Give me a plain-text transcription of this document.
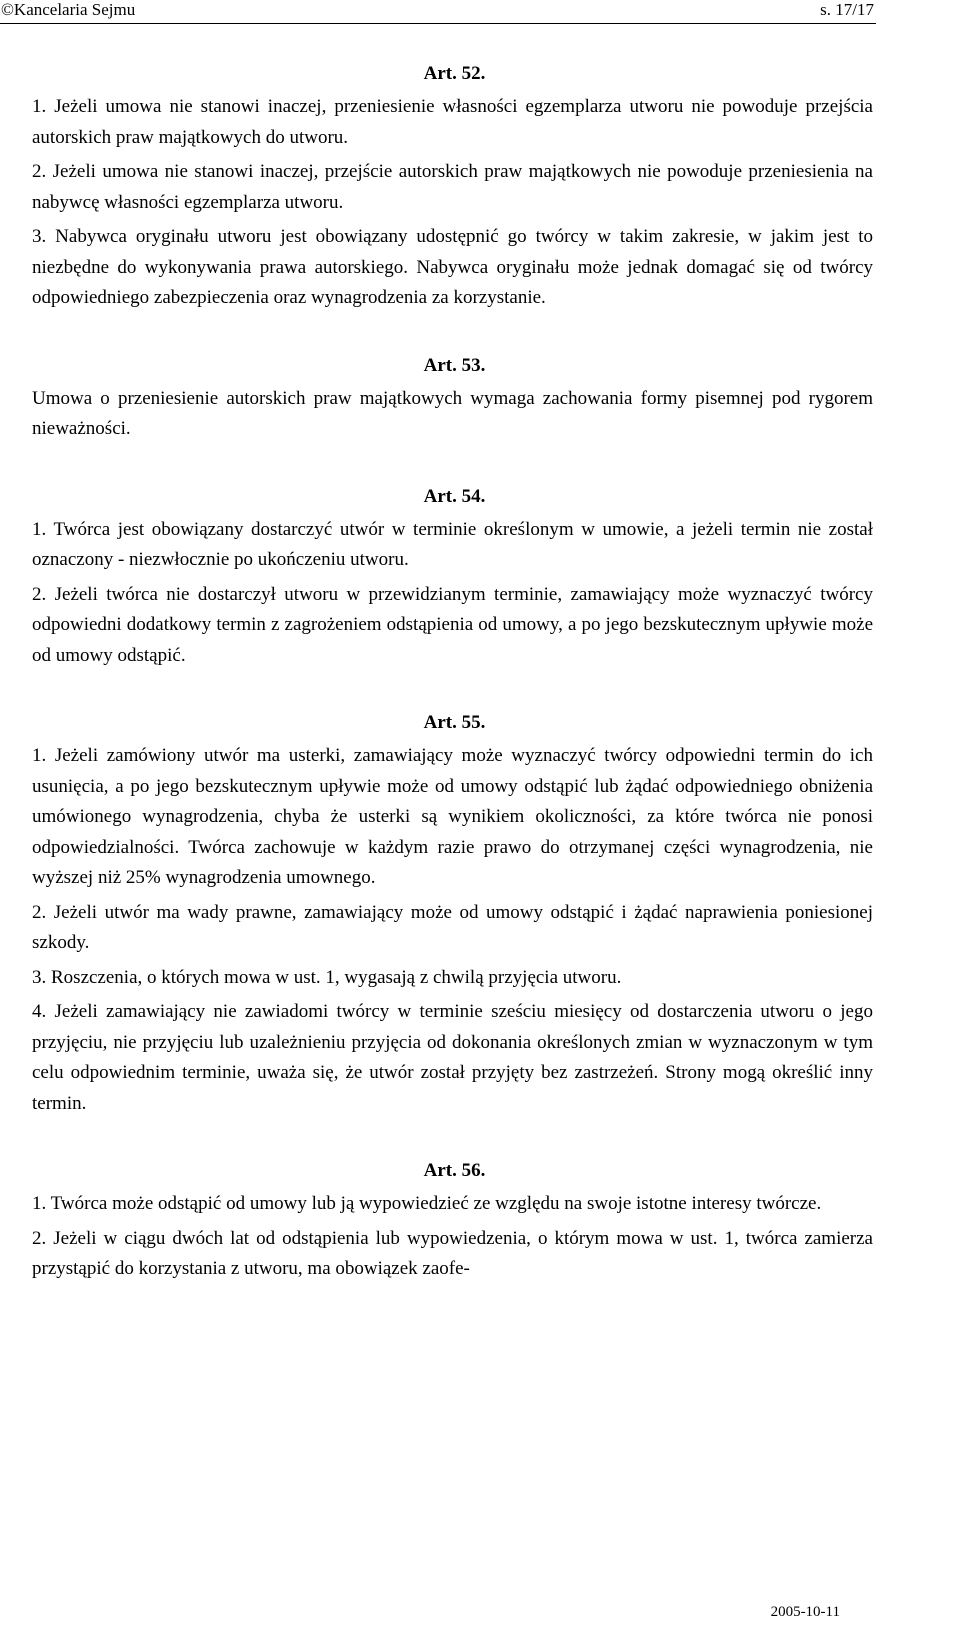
©Kancelaria Sejmu	s. 17/17

Art. 52.

1. Jeżeli umowa nie stanowi inaczej, przeniesienie własności egzemplarza utworu nie powoduje przejścia autorskich praw majątkowych do utworu.

2. Jeżeli umowa nie stanowi inaczej, przejście autorskich praw majątkowych nie powoduje przeniesienia na nabywcę własności egzemplarza utworu.

3. Nabywca oryginału utworu jest obowiązany udostępnić go twórcy w takim zakresie, w jakim jest to niezbędne do wykonywania prawa autorskiego. Nabywca oryginału może jednak domagać się od twórcy odpowiedniego zabezpieczenia oraz wynagrodzenia za korzystanie.

Art. 53.

Umowa o przeniesienie autorskich praw majątkowych wymaga zachowania formy pisemnej pod rygorem nieważności.

Art. 54.

1. Twórca jest obowiązany dostarczyć utwór w terminie określonym w umowie, a jeżeli termin nie został oznaczony - niezwłocznie po ukończeniu utworu.

2. Jeżeli twórca nie dostarczył utworu w przewidzianym terminie, zamawiający może wyznaczyć twórcy odpowiedni dodatkowy termin z zagrożeniem odstąpienia od umowy, a po jego bezskutecznym upływie może od umowy odstąpić.

Art. 55.

1. Jeżeli zamówiony utwór ma usterki, zamawiający może wyznaczyć twórcy odpowiedni termin do ich usunięcia, a po jego bezskutecznym upływie może od umowy odstąpić lub żądać odpowiedniego obniżenia umówionego wynagrodzenia, chyba że usterki są wynikiem okoliczności, za które twórca nie ponosi odpowiedzialności. Twórca zachowuje w każdym razie prawo do otrzymanej części wynagrodzenia, nie wyższej niż 25% wynagrodzenia umownego.

2. Jeżeli utwór ma wady prawne, zamawiający może od umowy odstąpić i żądać naprawienia poniesionej szkody.

3. Roszczenia, o których mowa w ust. 1, wygasają z chwilą przyjęcia utworu.

4. Jeżeli zamawiający nie zawiadomi twórcy w terminie sześciu miesięcy od dostarczenia utworu o jego przyjęciu, nie przyjęciu lub uzależnieniu przyjęcia od dokonania określonych zmian w wyznaczonym w tym celu odpowiednim terminie, uważa się, że utwór został przyjęty bez zastrzeżeń. Strony mogą określić inny termin.

Art. 56.

1. Twórca może odstąpić od umowy lub ją wypowiedzieć ze względu na swoje istotne interesy twórcze.

2. Jeżeli w ciągu dwóch lat od odstąpienia lub wypowiedzenia, o którym mowa w ust. 1, twórca zamierza przystąpić do korzystania z utworu, ma obowiązek zaofe-

2005-10-11
